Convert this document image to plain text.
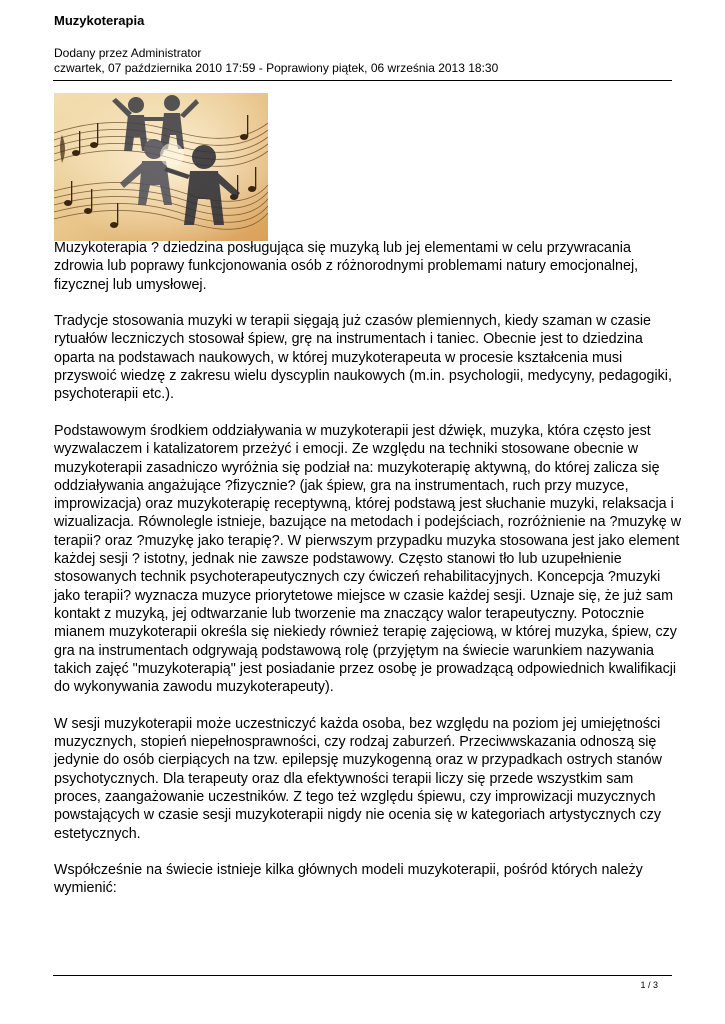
Muzykoterapia
Dodany przez Administrator
czwartek, 07 października 2010 17:59 - Poprawiony piątek, 06 września 2013 18:30

Muzykoterapia ? dziedzina posługująca się muzyką lub jej elementami w celu przywracania zdrowia lub poprawy funkcjonowania osób z różnorodnymi problemami natury emocjonalnej, fizycznej lub umysłowej.

Tradycje stosowania muzyki w terapii sięgają już czasów plemiennych, kiedy szaman w czasie rytuałów leczniczych stosował śpiew, grę na instrumentach i taniec. Obecnie jest to dziedzina oparta na podstawach naukowych, w której muzykoterapeuta w procesie kształcenia musi przyswoić wiedzę z zakresu wielu dyscyplin naukowych (m.in. psychologii, medycyny, pedagogiki, psychoterapii etc.).

Podstawowym środkiem oddziaływania w muzykoterapii jest dźwięk, muzyka, która często jest wyzwalaczem i katalizatorem przeżyć i emocji. Ze względu na techniki stosowane obecnie w muzykoterapii zasadniczo wyróżnia się podział na: muzykoterapię aktywną, do której zalicza się oddziaływania angażujące ?fizycznie? (jak śpiew, gra na instrumentach, ruch przy muzyce, improwizacja) oraz muzykoterapię receptywną, której podstawą jest słuchanie muzyki, relaksacja i wizualizacja. Równolegle istnieje, bazujące na metodach i podejściach, rozróżnienie na ?muzykę w terapii? oraz ?muzykę jako terapię?. W pierwszym przypadku muzyka stosowana jest jako element każdej sesji ? istotny, jednak nie zawsze podstawowy. Często stanowi tło lub uzupełnienie stosowanych technik psychoterapeutycznych czy ćwiczeń rehabilitacyjnych. Koncepcja ?muzyki jako terapii? wyznacza muzyce priorytetowe miejsce w czasie każdej sesji. Uznaje się, że już sam kontakt z muzyką, jej odtwarzanie lub tworzenie ma znaczący walor terapeutyczny. Potocznie mianem muzykoterapii określa się niekiedy również terapię zajęciową, w której muzyka, śpiew, czy gra na instrumentach odgrywają podstawową rolę (przyjętym na świecie warunkiem nazywania takich zajęć "muzykoterapią" jest posiadanie przez osobę je prowadzącą odpowiednich kwalifikacji do wykonywania zawodu muzykoterapeuty).

W sesji muzykoterapii może uczestniczyć każda osoba, bez względu na poziom jej umiejętności muzycznych, stopień niepełnosprawności, czy rodzaj zaburzeń. Przeciwwskazania odnoszą się jedynie do osób cierpiących na tzw. epilepsję muzykogenną oraz w przypadkach ostrych stanów psychotycznych. Dla terapeuty oraz dla efektywności terapii liczy się przede wszystkim sam proces, zaangażowanie uczestników. Z tego też względu śpiewu, czy improwizacji muzycznych powstających w czasie sesji muzykoterapii nigdy nie ocenia się w kategoriach artystycznych czy estetycznych.

Współcześnie na świecie istnieje kilka głównych modeli muzykoterapii, pośród których należy wymienić:

1 / 3
